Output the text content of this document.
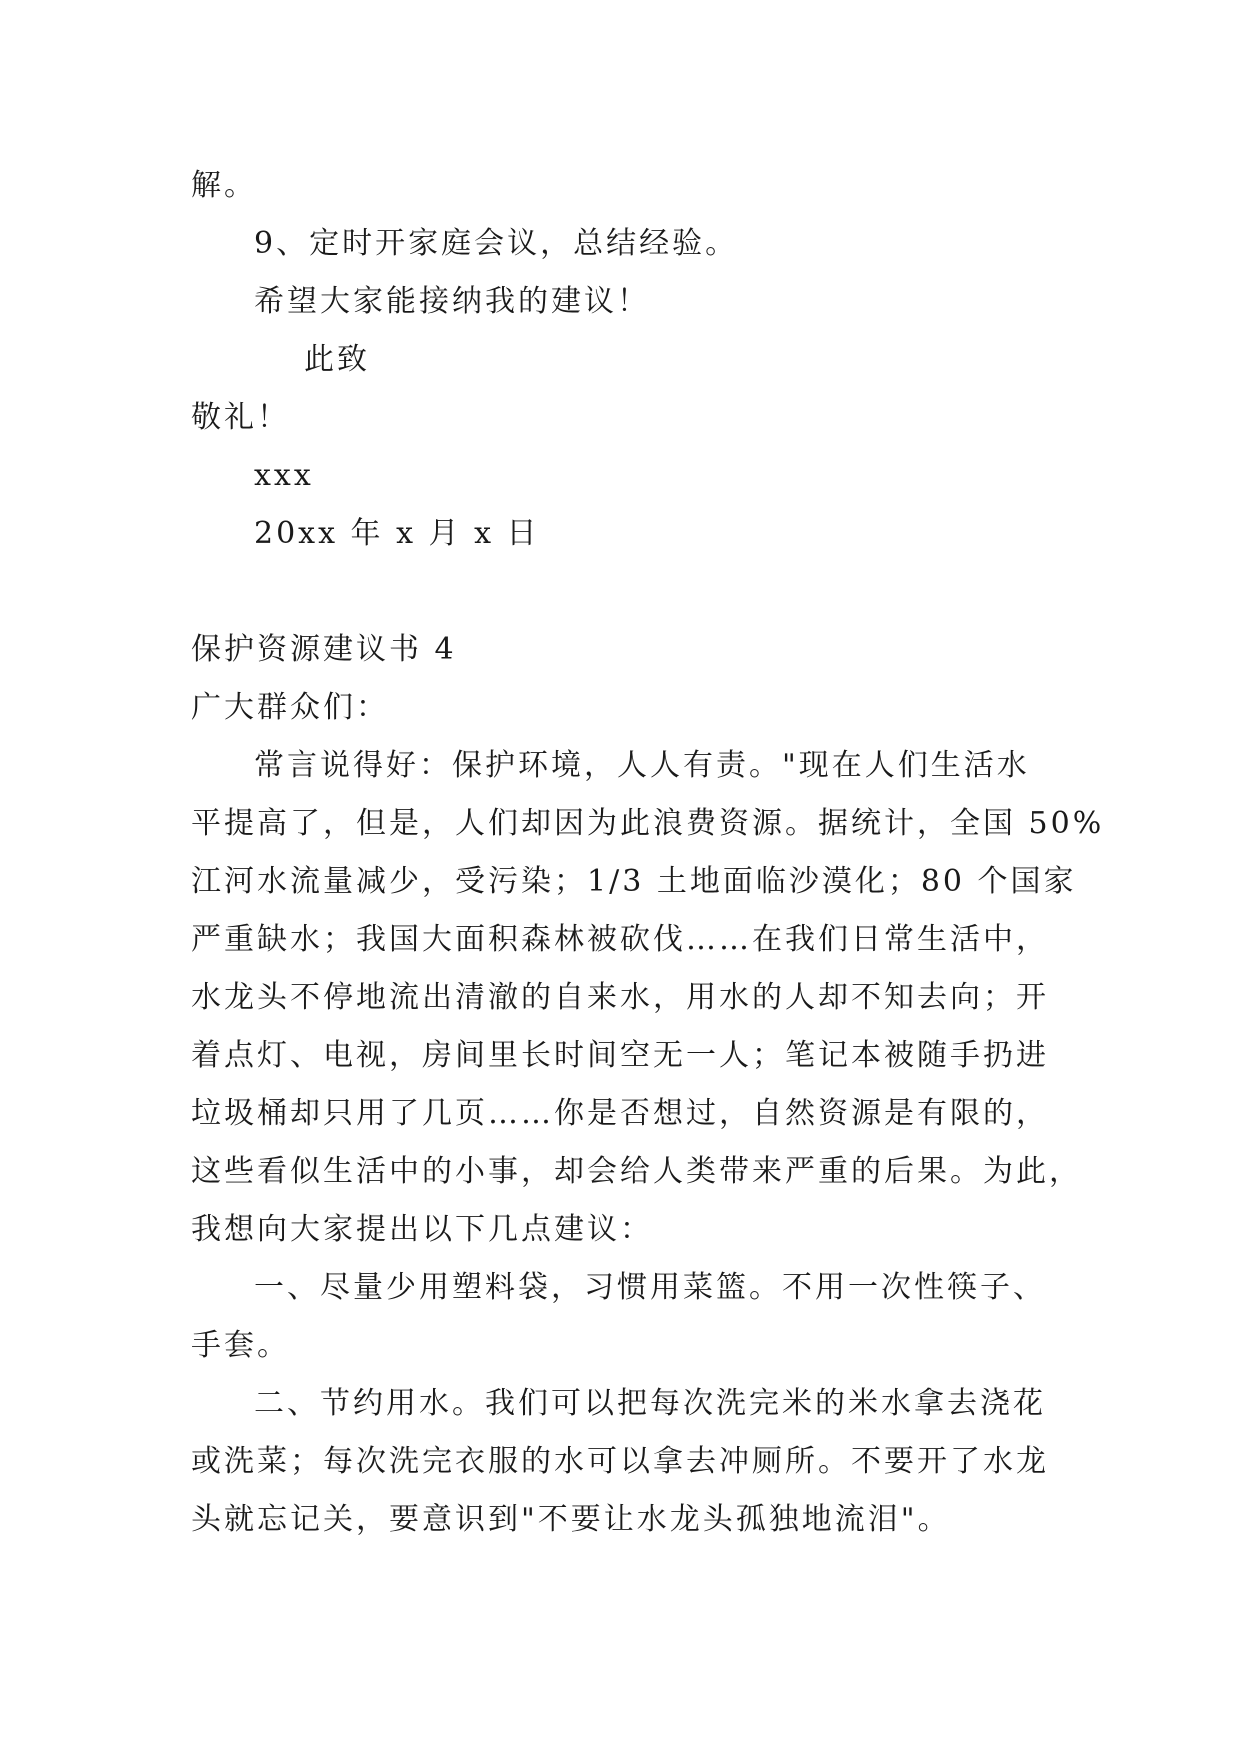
解。
9、定时开家庭会议，总结经验。
希望大家能接纳我的建议！
此致
敬礼！
xxx
20xx 年 x 月 x 日
保护资源建议书 4
广大群众们：
常言说得好：保护环境，人人有责。"现在人们生活水
平提高了，但是，人们却因为此浪费资源。据统计，全国 50%
江河水流量减少，受污染；1/3 土地面临沙漠化；80 个国家
严重缺水；我国大面积森林被砍伐……在我们日常生活中，
水龙头不停地流出清澈的自来水，用水的人却不知去向；开
着点灯、电视，房间里长时间空无一人；笔记本被随手扔进
垃圾桶却只用了几页……你是否想过，自然资源是有限的，
这些看似生活中的小事，却会给人类带来严重的后果。为此，
我想向大家提出以下几点建议：
一、尽量少用塑料袋，习惯用菜篮。不用一次性筷子、
手套。
二、节约用水。我们可以把每次洗完米的米水拿去浇花
或洗菜；每次洗完衣服的水可以拿去冲厕所。不要开了水龙
头就忘记关，要意识到"不要让水龙头孤独地流泪"。
